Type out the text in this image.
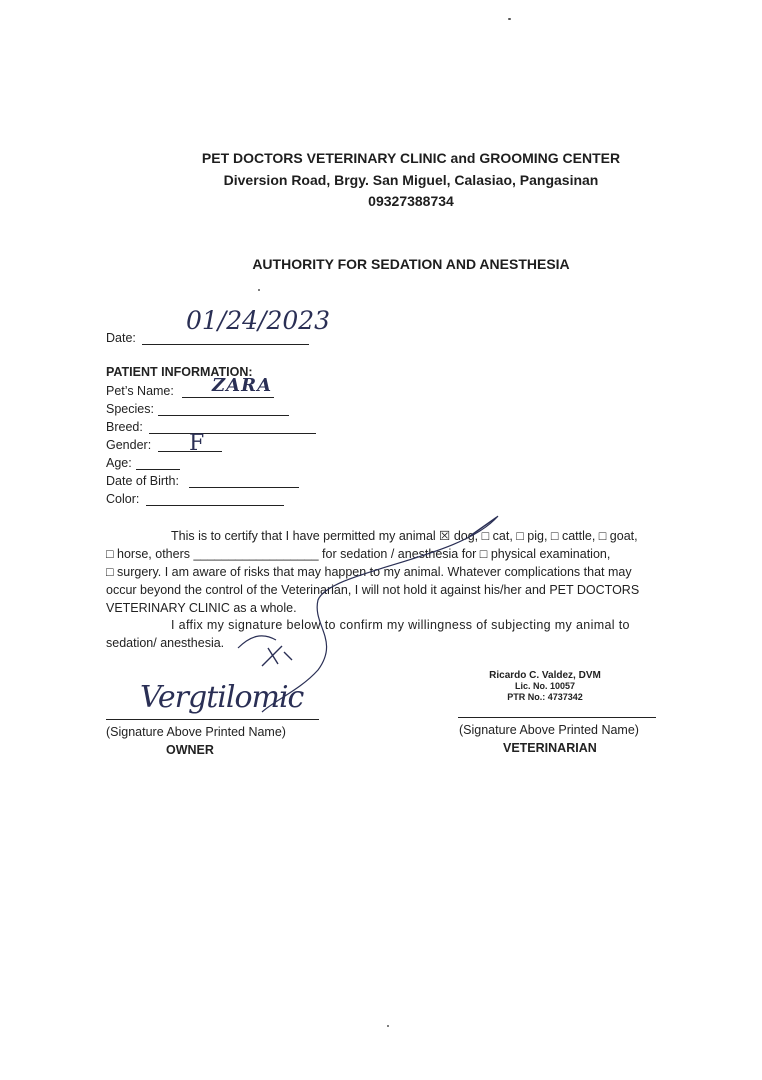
PET DOCTORS VETERINARY CLINIC and GROOMING CENTER
Diversion Road, Brgy. San Miguel, Calasiao, Pangasinan
09327388734
AUTHORITY FOR SEDATION AND ANESTHESIA
Date:
01/24/2023
PATIENT INFORMATION:
Pet’s Name: ZARA
Species:
Breed:
Gender: F
Age:
Date of Birth:
Color:
This is to certify that I have permitted my animal ☒ dog, □ cat, □ pig, □ cattle, □ goat,
□ horse, others __________________ for sedation / anesthesia for □ physical examination,
□ surgery. I am aware of risks that may happen to my animal. Whatever complications that may
occur beyond the control of the Veterinarian, I will not hold it against his/her and PET DOCTORS
VETERINARY CLINIC as a whole.
I affix my signature below to confirm my willingness of subjecting my animal to
sedation/ anesthesia.
Vergtilomic
(Signature Above Printed Name)
OWNER
Ricardo C. Valdez, DVM
Lic. No. 10057
PTR No.: 4737342
(Signature Above Printed Name)
VETERINARIAN
